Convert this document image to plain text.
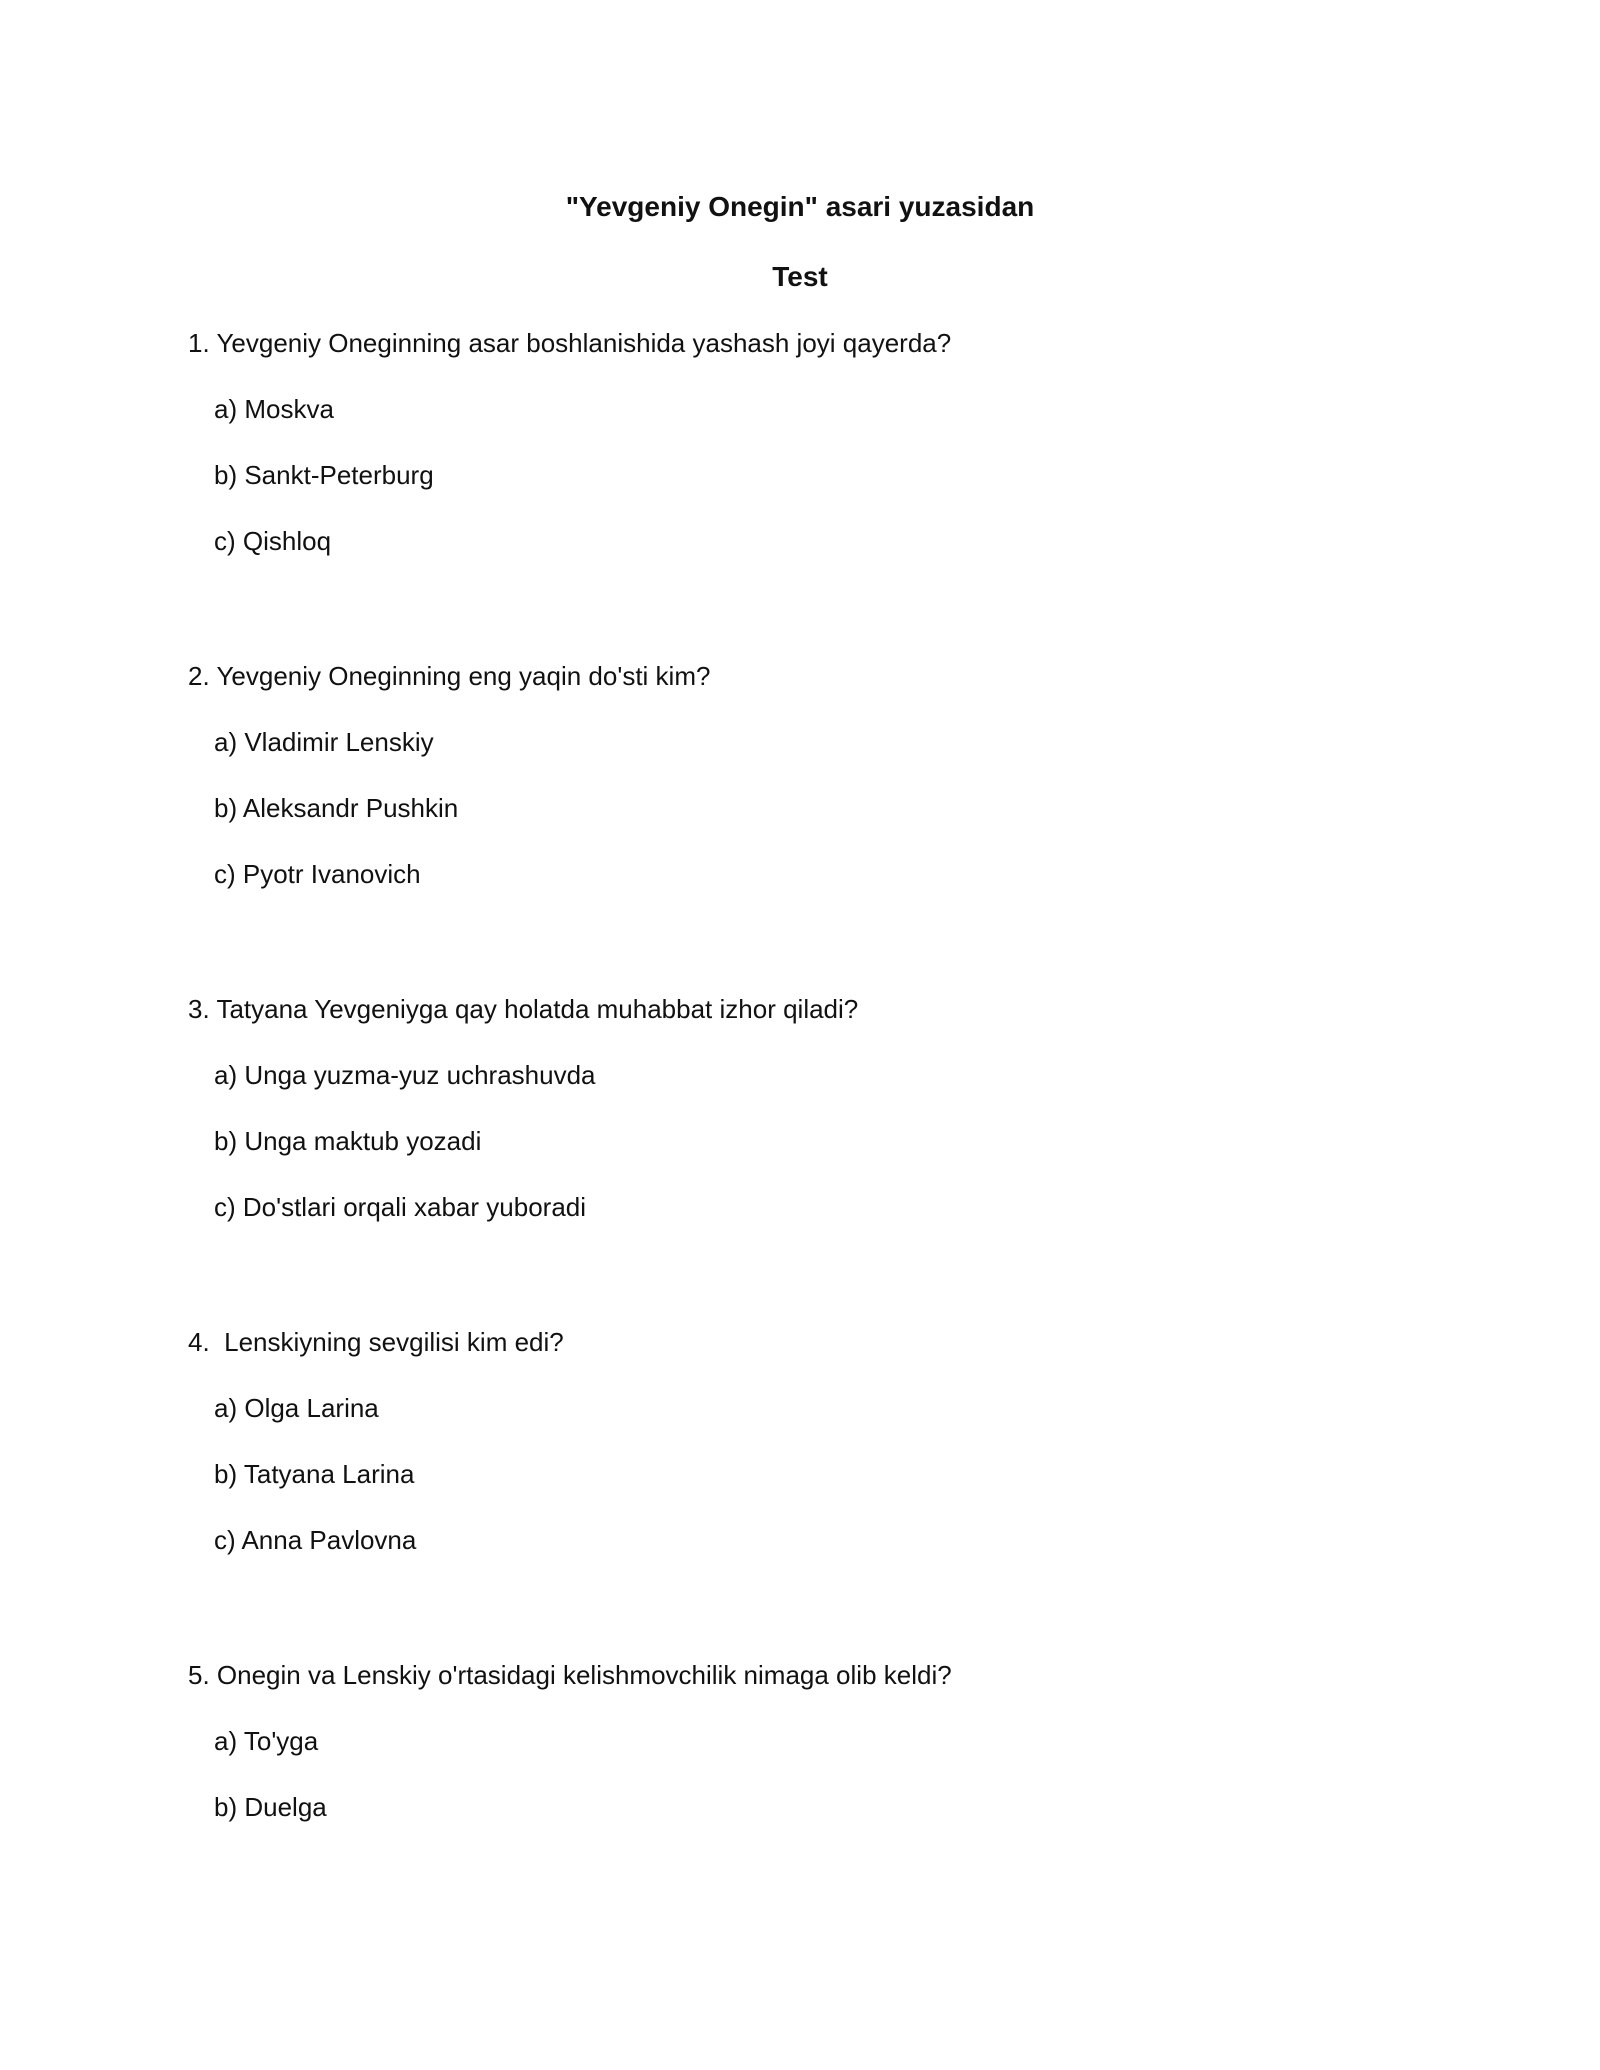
"Yevgeniy Onegin" asari yuzasidan
Test

1. Yevgeniy Oneginning asar boshlanishida yashash joyi qayerda?

a) Moskva

b) Sankt-Peterburg

c) Qishloq

2. Yevgeniy Oneginning eng yaqin do'sti kim?

a) Vladimir Lenskiy

b) Aleksandr Pushkin

c) Pyotr Ivanovich

3. Tatyana Yevgeniyga qay holatda muhabbat izhor qiladi?

a) Unga yuzma-yuz uchrashuvda

b) Unga maktub yozadi

c) Do'stlari orqali xabar yuboradi

4.  Lenskiyning sevgilisi kim edi?

a) Olga Larina

b) Tatyana Larina

c) Anna Pavlovna

5. Onegin va Lenskiy o'rtasidagi kelishmovchilik nimaga olib keldi?

a) To'yga

b) Duelga
